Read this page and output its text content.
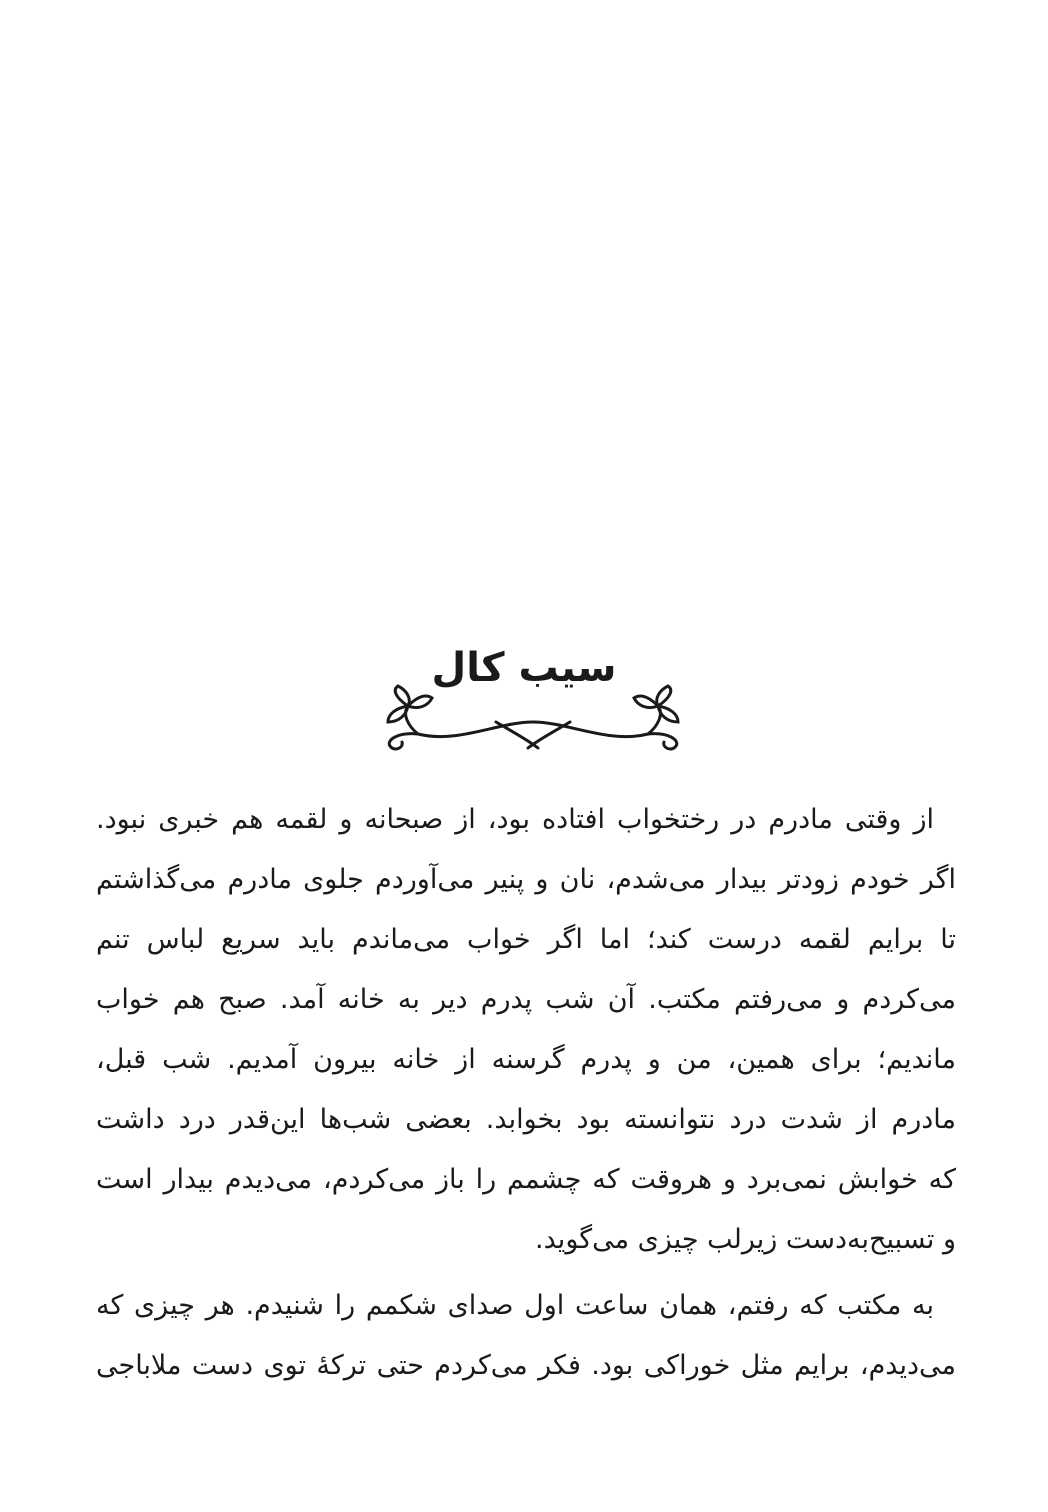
سیب کال
از وقتی مادرم در رختخواب افتاده بود، از صبحانه و لقمه هم خبری نبود.
اگر خودم زودتر بیدار می‌شدم، نان و پنیر می‌آوردم جلوی مادرم می‌گذاشتم
تا برایم لقمه درست کند؛ اما اگر خواب می‌ماندم باید سریع لباس تنم
می‌کردم و می‌رفتم مکتب. آن شب پدرم دیر به خانه آمد. صبح هم خواب
ماندیم؛ برای همین، من و پدرم گرسنه از خانه بیرون آمدیم. شب قبل،
مادرم از شدت درد نتوانسته بود بخوابد. بعضی شب‌ها این‌قدر درد داشت
که خوابش نمی‌برد و هروقت که چشمم را باز می‌کردم، می‌دیدم بیدار است
و تسبیح‌به‌دست زیرلب چیزی می‌گوید.
به مکتب که رفتم، همان ساعت اول صدای شکمم را شنیدم. هر چیزی که
می‌دیدم، برایم مثل خوراکی بود. فکر می‌کردم حتی ترکهٔ توی دست ملاباجی
